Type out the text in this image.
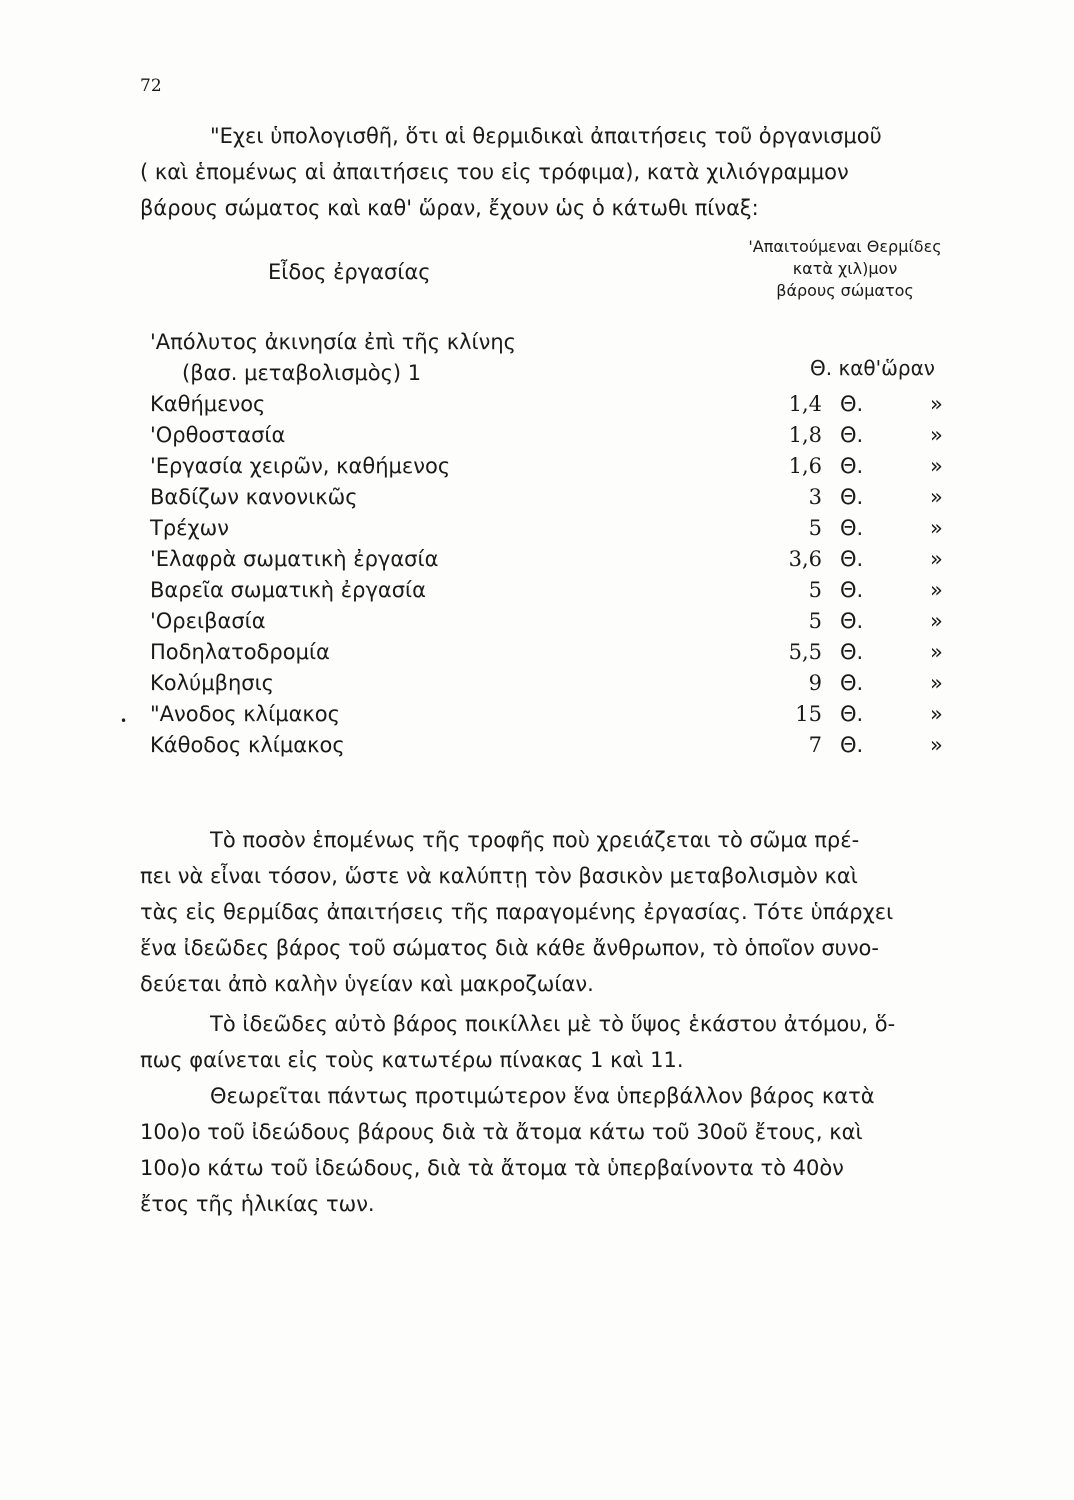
72
"Εχει ὑπολογισθῆ, ὅτι αἱ θερμιδικαὶ ἀπαιτήσεις τοῦ ὀργανισμοῦ
( καὶ ἑπομένως αἱ ἀπαιτήσεις του εἰς τρόφιμα), κατὰ χιλιόγραμμον
βάρους σώματος καὶ καθ' ὥραν, ἔχουν ὡς ὁ κάτωθι πίναξ:
Εἶδος ἐργασίας
'Απαιτούμεναι Θερμίδες
κατὰ χιλ)μον
βάρους σώματος
Θ. καθ'ὥραν
'Απόλυτος ἀκινησία ἐπὶ τῆς κλίνης
(βασ. μεταβολισμὸς) 1
Καθήμενος	1,4 Θ.	»
'Ορθοστασία	1,8 Θ.	»
'Εργασία χειρῶν, καθήμενος	1,6 Θ.	»
Βαδίζων κανονικῶς	3 Θ.	»
Τρέχων	5 Θ.	»
'Ελαφρὰ σωματικὴ ἐργασία	3,6 Θ.	»
Βαρεῖα σωματικὴ ἐργασία	5 Θ.	»
'Ορειβασία	5 Θ.	»
Ποδηλατοδρομία	5,5 Θ.	»
Κολύμβησις	9 Θ.	»
"Ανοδος κλίμακος	15 Θ.	»
Κάθοδος κλίμακος	7 Θ.	»
Τὸ ποσὸν ἑπομένως τῆς τροφῆς ποὺ χρειάζεται τὸ σῶμα πρέ-
πει νὰ εἶναι τόσον, ὥστε νὰ καλύπτῃ τὸν βασικὸν μεταβολισμὸν καὶ
τὰς εἰς θερμίδας ἀπαιτήσεις τῆς παραγομένης ἐργασίας. Τότε ὑπάρχει
ἕνα ἰδεῶδες βάρος τοῦ σώματος διὰ κάθε ἄνθρωπον, τὸ ὁποῖον συνο-
δεύεται ἀπὸ καλὴν ὑγείαν καὶ μακροζωίαν.
Τὸ ἰδεῶδες αὐτὸ βάρος ποικίλλει μὲ τὸ ὕψος ἑκάστου ἀτόμου, ὅ-
πως φαίνεται εἰς τοὺς κατωτέρω πίνακας 1 καὶ 11.
Θεωρεῖται πάντως προτιμώτερον ἕνα ὑπερβάλλον βάρος κατὰ
10ο)ο τοῦ ἰδεώδους βάρους διὰ τὰ ἄτομα κάτω τοῦ 30οῦ ἔτους, καὶ
10ο)ο κάτω τοῦ ἰδεώδους, διὰ τὰ ἄτομα τὰ ὑπερβαίνοντα τὸ 40ὸν
ἔτος τῆς ἡλικίας των.
•
